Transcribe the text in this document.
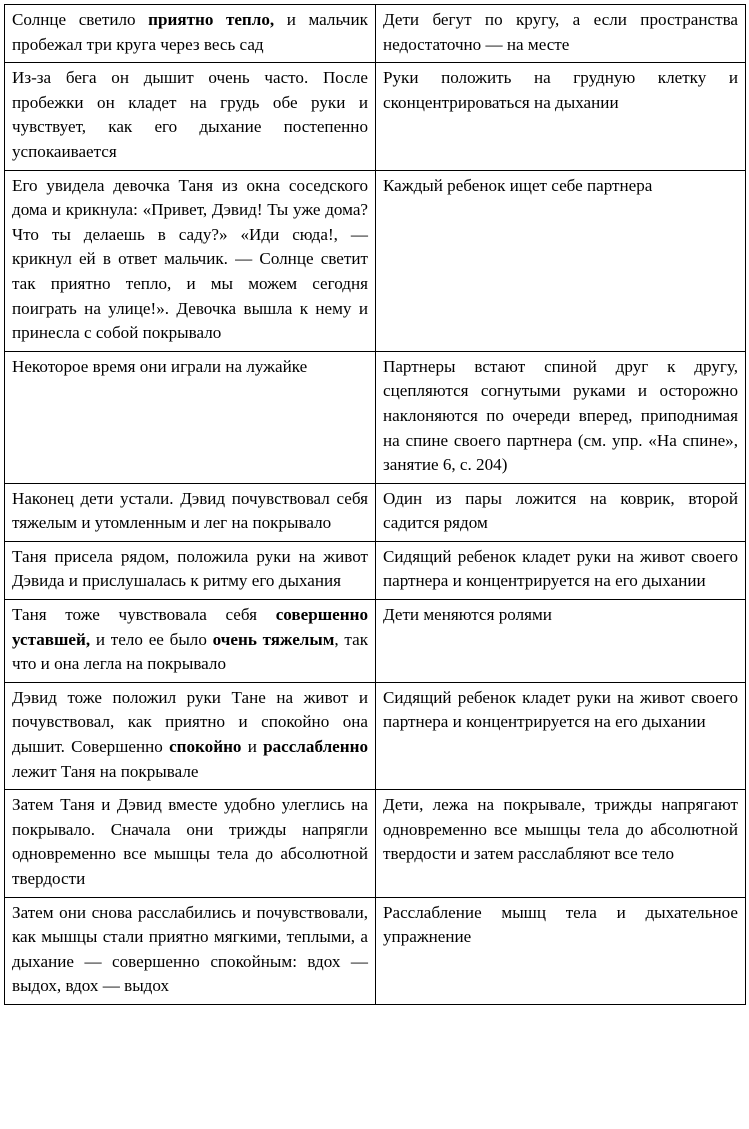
Солнце светило приятно тепло, и мальчик пробежал три круга через весь сад	Дети бегут по кругу, а если пространства недостаточно — на месте

Из-за бега он дышит очень часто. После пробежки он кладет на грудь обе руки и чувствует, как его дыхание постепенно успокаивается	Руки положить на грудную клетку и сконцентрироваться на дыхании

Его увидела девочка Таня из окна соседского дома и крикнула: «Привет, Дэвид! Ты уже дома? Что ты делаешь в саду?» «Иди сюда!, — крикнул ей в ответ мальчик. — Солнце светит так приятно тепло, и мы можем сегодня поиграть на улице!». Девочка вышла к нему и принесла с собой покрывало	Каждый ребенок ищет себе партнера

Некоторое время они играли на лужайке	Партнеры встают спиной друг к другу, сцепляются согнутыми руками и осторожно наклоняются по очереди вперед, приподнимая на спине своего партнера (см. упр. «На спине», занятие 6, с. 204)

Наконец дети устали. Дэвид почувствовал себя тяжелым и утомленным и лег на покрывало	Один из пары ложится на коврик, второй садится рядом

Таня присела рядом, положила руки на живот Дэвида и прислушалась к ритму его дыхания	Сидящий ребенок кладет руки на живот своего партнера и концентрируется на его дыхании

Таня тоже чувствовала себя совершенно уставшей, и тело ее было очень тяжелым, так что и она легла на покрывало	Дети меняются ролями

Дэвид тоже положил руки Тане на живот и почувствовал, как приятно и спокойно она дышит. Совершенно спокойно и расслабленно лежит Таня на покрывале	Сидящий ребенок кладет руки на живот своего партнера и концентрируется на его дыхании

Затем Таня и Дэвид вместе удобно улеглись на покрывало. Сначала они трижды напрягли одновременно все мышцы тела до абсолютной твердости	Дети, лежа на покрывале, трижды напрягают одновременно все мышцы тела до абсолютной твердости и затем расслабляют все тело

Затем они снова расслабились и почувствовали, как мышцы стали приятно мягкими, теплыми, а дыхание — совершенно спокойным: вдох — выдох, вдох — выдох	Расслабление мышц тела и дыхательное упражнение
